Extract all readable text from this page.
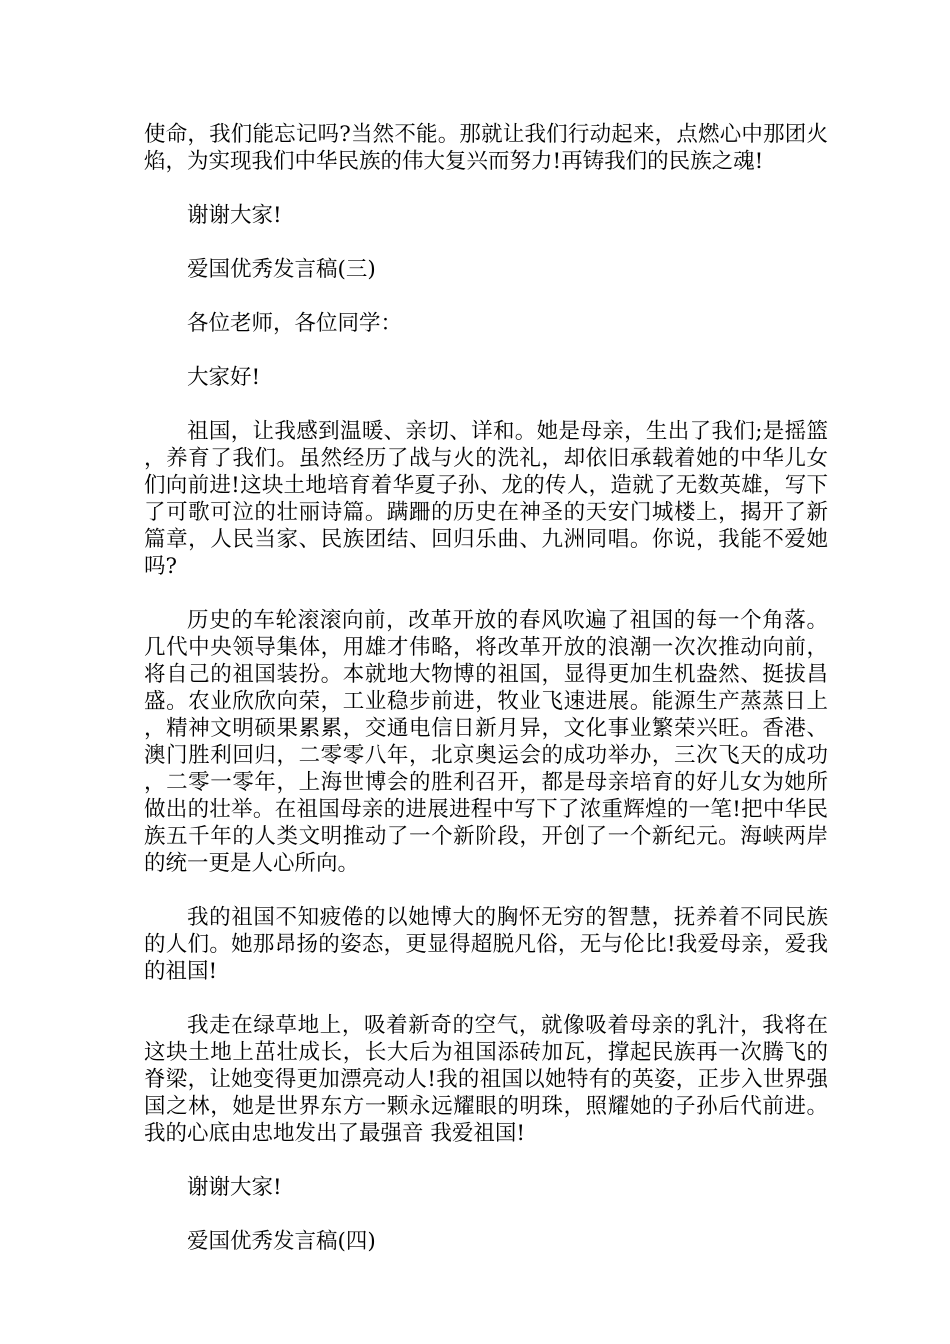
使命，我们能忘记吗?当然不能。那就让我们行动起来，点燃心中那团火焰，为实现我们中华民族的伟大复兴而努力!再铸我们的民族之魂!

谢谢大家!

爱国优秀发言稿(三)

各位老师，各位同学：

大家好!

祖国，让我感到温暖、亲切、详和。她是母亲，生出了我们;是摇篮，养育了我们。虽然经历了战与火的洗礼，却依旧承载着她的中华儿女们向前进!这块土地培育着华夏子孙、龙的传人，造就了无数英雄，写下了可歌可泣的壮丽诗篇。蹒跚的历史在神圣的天安门城楼上，揭开了新篇章，人民当家、民族团结、回归乐曲、九洲同唱。你说，我能不爱她吗?

历史的车轮滚滚向前，改革开放的春风吹遍了祖国的每一个角落。几代中央领导集体，用雄才伟略，将改革开放的浪潮一次次推动向前，将自己的祖国装扮。本就地大物博的祖国，显得更加生机盎然、挺拔昌盛。农业欣欣向荣，工业稳步前进，牧业飞速进展。能源生产蒸蒸日上，精神文明硕果累累，交通电信日新月异，文化事业繁荣兴旺。香港、澳门胜利回归，二零零八年，北京奥运会的成功举办，三次飞天的成功，二零一零年，上海世博会的胜利召开，都是母亲培育的好儿女为她所做出的壮举。在祖国母亲的进展进程中写下了浓重辉煌的一笔!把中华民族五千年的人类文明推动了一个新阶段，开创了一个新纪元。海峡两岸的统一更是人心所向。

我的祖国不知疲倦的以她博大的胸怀无穷的智慧，抚养着不同民族的人们。她那昂扬的姿态，更显得超脱凡俗，无与伦比!我爱母亲，爱我的祖国!

我走在绿草地上，吸着新奇的空气，就像吸着母亲的乳汁，我将在这块土地上茁壮成长，长大后为祖国添砖加瓦，撑起民族再一次腾飞的脊梁，让她变得更加漂亮动人!我的祖国以她特有的英姿，正步入世界强国之林，她是世界东方一颗永远耀眼的明珠，照耀她的子孙后代前进。我的心底由忠地发出了最强音 我爱祖国!

谢谢大家!

爱国优秀发言稿(四)
